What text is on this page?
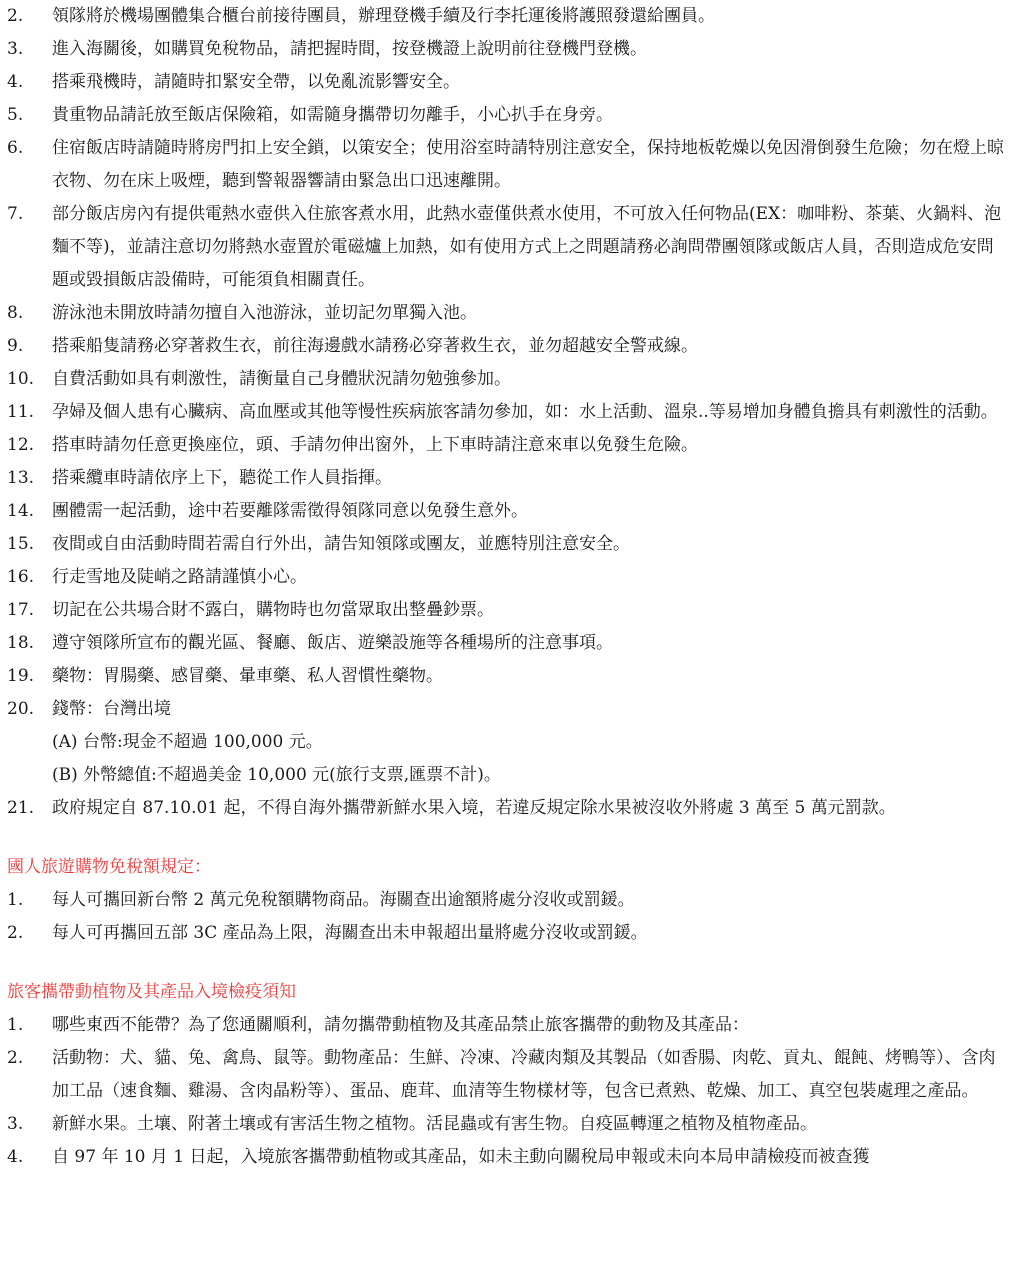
2.	領隊將於機場團體集合櫃台前接待團員，辦理登機手續及行李托運後將護照發還給團員。
3.	進入海關後，如購買免稅物品，請把握時間，按登機證上說明前往登機門登機。
4.	搭乘飛機時，請隨時扣緊安全帶，以免亂流影響安全。
5.	貴重物品請託放至飯店保險箱，如需隨身攜帶切勿離手，小心扒手在身旁。
6.	住宿飯店時請隨時將房門扣上安全鎖，以策安全；使用浴室時請特別注意安全，保持地板乾燥以免因滑倒發生危險；勿在燈上晾衣物、勿在床上吸煙，聽到警報器響請由緊急出口迅速離開。
7.	部分飯店房內有提供電熱水壺供入住旅客煮水用，此熱水壺僅供煮水使用，不可放入任何物品(EX：咖啡粉、茶葉、火鍋料、泡麵不等)，並請注意切勿將熱水壺置於電磁爐上加熱，如有使用方式上之問題請務必詢問帶團領隊或飯店人員，否則造成危安問題或毀損飯店設備時，可能須負相關責任。
8.	游泳池未開放時請勿擅自入池游泳，並切記勿單獨入池。
9.	搭乘船隻請務必穿著救生衣，前往海邊戲水請務必穿著救生衣，並勿超越安全警戒線。
10.	自費活動如具有刺激性，請衡量自己身體狀況請勿勉強參加。
11.	孕婦及個人患有心臟病、高血壓或其他等慢性疾病旅客請勿參加，如：水上活動、溫泉..等易增加身體負擔具有刺激性的活動。
12.	搭車時請勿任意更換座位，頭、手請勿伸出窗外，上下車時請注意來車以免發生危險。
13.	搭乘纜車時請依序上下，聽從工作人員指揮。
14.	團體需一起活動，途中若要離隊需徵得領隊同意以免發生意外。
15.	夜間或自由活動時間若需自行外出，請告知領隊或團友，並應特別注意安全。
16.	行走雪地及陡峭之路請謹慎小心。
17.	切記在公共場合財不露白，購物時也勿當眾取出整疊鈔票。
18.	遵守領隊所宣布的觀光區、餐廳、飯店、遊樂設施等各種場所的注意事項。
19.	藥物：胃腸藥、感冒藥、暈車藥、私人習慣性藥物。
20.	錢幣：台灣出境
(A) 台幣:現金不超過 100,000 元。
(B) 外幣總值:不超過美金 10,000 元(旅行支票,匯票不計)。
21.	政府規定自 87.10.01 起，不得自海外攜帶新鮮水果入境，若違反規定除水果被沒收外將處 3 萬至 5 萬元罰款。
國人旅遊購物免稅額規定：
1.	每人可攜回新台幣 2 萬元免稅額購物商品。海關查出逾額將處分沒收或罰鍰。
2.	每人可再攜回五部 3C 產品為上限，海關查出未申報超出量將處分沒收或罰鍰。
旅客攜帶動植物及其產品入境檢疫須知
1.	哪些東西不能帶？為了您通關順利，請勿攜帶動植物及其產品禁止旅客攜帶的動物及其產品：
2.	活動物：犬、貓、兔、禽鳥、鼠等。動物產品：生鮮、冷凍、冷藏肉類及其製品（如香腸、肉乾、貢丸、餛飩、烤鴨等）、含肉加工品（速食麵、雞湯、含肉晶粉等）、蛋品、鹿茸、血清等生物樣材等，包含已煮熟、乾燥、加工、真空包裝處理之產品。
3.	新鮮水果。土壤、附著土壤或有害活生物之植物。活昆蟲或有害生物。自疫區轉運之植物及植物產品。
4.	自 97 年 10 月 1 日起，入境旅客攜帶動植物或其產品，如未主動向關稅局申報或未向本局申請檢疫而被查獲
